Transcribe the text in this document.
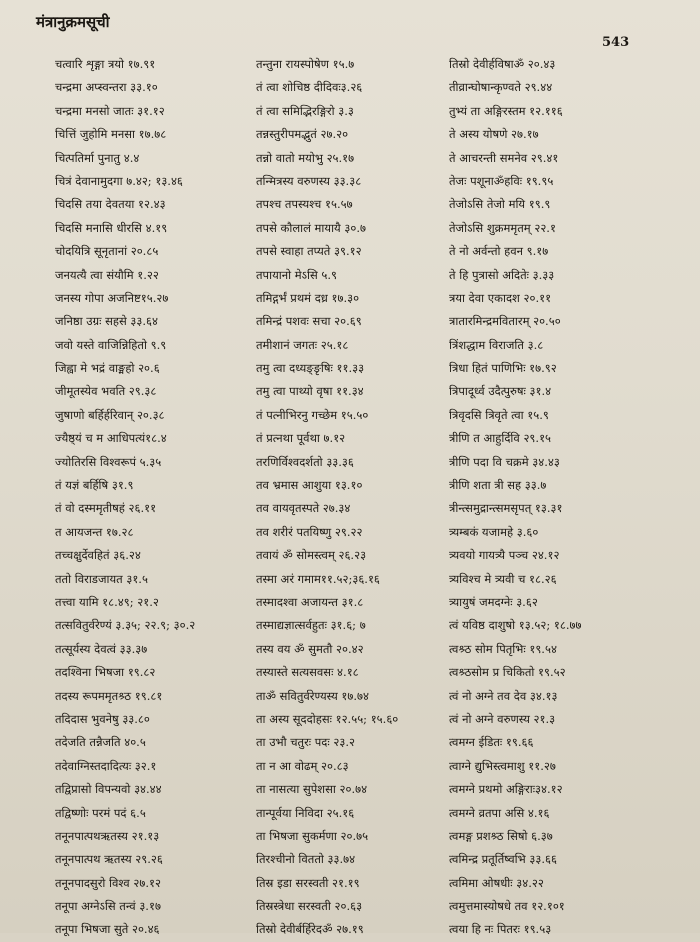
मंत्रानुक्रमसूची
543
चत्वारि शृङ्गा त्रयो १७.९१
चन्द्रमा अप्स्वन्तरा ३३.१०
चन्द्रमा मनसो जातः ३१.१२
चित्तिं जुहोमि मनसा १७.७८
चित्पतिर्मा पुनातु ४.४
चित्रं देवानामुदगा ७.४२; १३.४६
चिदसि तया देवतया १२.४३
चिदसि मनासि धीरसि ४.१९
चोदयित्रि सूनृतानां २०.८५
जनयत्यै त्वा संयौमि १.२२
जनस्य गोपा अजनिष्ट१५.२७
जनिष्ठा उग्रः सहसे ३३.६४
जवो यस्ते वाजिन्निहितो ९.९
जिह्वा मे भद्रं वाङ्महो २०.६
जीमूतस्येव भवति २९.३८
जुषाणो बर्हिर्हरिवान् २०.३८
ज्यैष्ठ्यं च म आधिपत्यं१८.४
ज्योतिरसि विश्वरूपं ५.३५
तं यज्ञं बर्हिषि ३१.९
तं वो दस्ममृतीषहं २६.११
त आयजन्त १७.२८
तच्चक्षुर्देवहितं ३६.२४
ततो विराडजायत ३१.५
तत्त्वा यामि १८.४९; २१.२
तत्सवितुर्वरेण्यं ३.३५; २२.९; ३०.२
तत्सूर्यस्य देवत्वं ३३.३७
तदश्विना भिषजा १९.८२
तदस्य रूपममृतश्र्ठ १९.८१
तदिदास भुवनेषु ३३.८०
तदेजति तन्नैजति ४०.५
तदेवाग्निस्तदादित्यः ३२.१
तद्विप्रासो विपन्यवो ३४.४४
तद्विष्णोः परमं पदं ६.५
तनूनपात्पथऋतस्य २१.१३
तनूनपात्पथ ऋतस्य २९.२६
तनूनपादसुरो विश्व २७.१२
तनूपा अग्नेऽसि तन्वं ३.१७
तनूपा भिषजा सुते २०.४६
तन्तुना रायस्पोषेण १५.७
तं त्वा शोचिष्ठ दीदिवः३.२६
तं त्वा समिद्भिरङ्गिरो ३.३
तन्नस्तुरीपमद्भुतं २७.२०
तन्नो वातो मयोभु २५.१७
तन्मित्रस्य वरुणस्य ३३.३८
तपश्च तपस्यश्च १५.५७
तपसे कौलालं मायायै ३०.७
तपसे स्वाहा तप्यते ३९.१२
तपायानो मेऽसि ५.९
तमिद्गर्भं प्रथमं दध्र १७.३०
तमिन्द्रं पशवः सचा २०.६९
तमीशानं जगतः २५.१८
तमु त्वा दध्यङ्ङृषिः ११.३३
तमु त्वा पाथ्यो वृषा ११.३४
तं पत्नीभिरनु गच्छेम १५.५०
तं प्रत्नथा पूर्वथा ७.१२
तरणिर्विश्वदर्शतो ३३.३६
तव भ्रमास आशुया १३.१०
तव वायवृतस्पते २७.३४
तव शरीरं पतयिष्णु २९.२२
तवायं ॐ सोमस्त्वम् २६.२३
तस्मा अरं गमाम११.५२;३६.१६
तस्मादश्वा अजायन्त ३१.८
तस्माद्यज्ञात्सर्वहुतः ३१.६; ७
तस्य वय ॐ सुमतौ २०.४२
तस्यास्ते सत्यसवसः ४.१८
ताॐ सवितुर्वरेण्यस्य १७.७४
ता अस्य सूददोहसः १२.५५; १५.६०
ता उभौ चतुरः पदः २३.२
ता न आ वोढम् २०.८३
ता नासत्या सुपेशसा २०.७४
तान्पूर्वया निविदा २५.१६
ता भिषजा सुकर्मणा २०.७५
तिरश्चीनो विततो ३३.७४
तिस्र इडा सरस्वती २१.१९
तिस्रस्त्रेधा सरस्वती २०.६३
तिस्रो देवीर्बर्हिरेदॐ २७.१९
तिस्रो देवीर्हविषाॐ २०.४३
तीव्रान्घोषान्कृण्वते २९.४४
तुभ्यं ता अङ्गिरस्तम १२.११६
ते अस्य योषणे २७.१७
ते आचरन्ती समनेव २९.४१
तेजः पशूनाॐहविः १९.९५
तेजोऽसि तेजो मयि १९.९
तेजोऽसि शुक्रममृतम् २२.१
ते नो अर्वन्तो हवन ९.१७
ते हि पुत्रासो अदितेः ३.३३
त्रया देवा एकादश २०.११
त्रातारमिन्द्रमवितारम् २०.५०
त्रिंशद्धाम विराजति ३.८
त्रिधा हितं पाणिभिः १७.९२
त्रिपादूर्ध्व उदैत्पुरुषः ३१.४
त्रिवृदसि त्रिवृते त्वा १५.९
त्रीणि त आहुर्दिवि २९.१५
त्रीणि पदा वि चक्रमे ३४.४३
त्रीणि शता त्री सह ३३.७
त्रीन्त्समुद्रान्त्समसृपत् १३.३१
त्र्यम्बकं यजामहे ३.६०
त्र्यवयो गायत्र्यै पञ्च २४.१२
त्र्यविश्च मे त्र्यवी च १८.२६
त्र्यायुषं जमदग्नेः ३.६२
त्वं यविष्ठ दाशुषो १३.५२; १८.७७
त्वश्र्ठ सोम पितृभिः १९.५४
त्वश्र्ठसोम प्र चिकितो १९.५२
त्वं नो अग्ने तव देव ३४.१३
त्वं नो अग्ने वरुणस्य २१.३
त्वमग्न ईडितः १९.६६
त्वाग्ने द्युभिस्त्वमाशु ११.२७
त्वमग्ने प्रथमो अङ्गिराः३४.१२
त्वमग्ने व्रतपा असि ४.१६
त्वमङ्ग प्रशश्र्ठ सिषो ६.३७
त्वमिन्द्र प्रतूर्तिष्वभि ३३.६६
त्वमिमा ओषधीः ३४.२२
त्वमुत्तमास्योषधे तव १२.१०१
त्वया हि नः पितरः १९.५३
